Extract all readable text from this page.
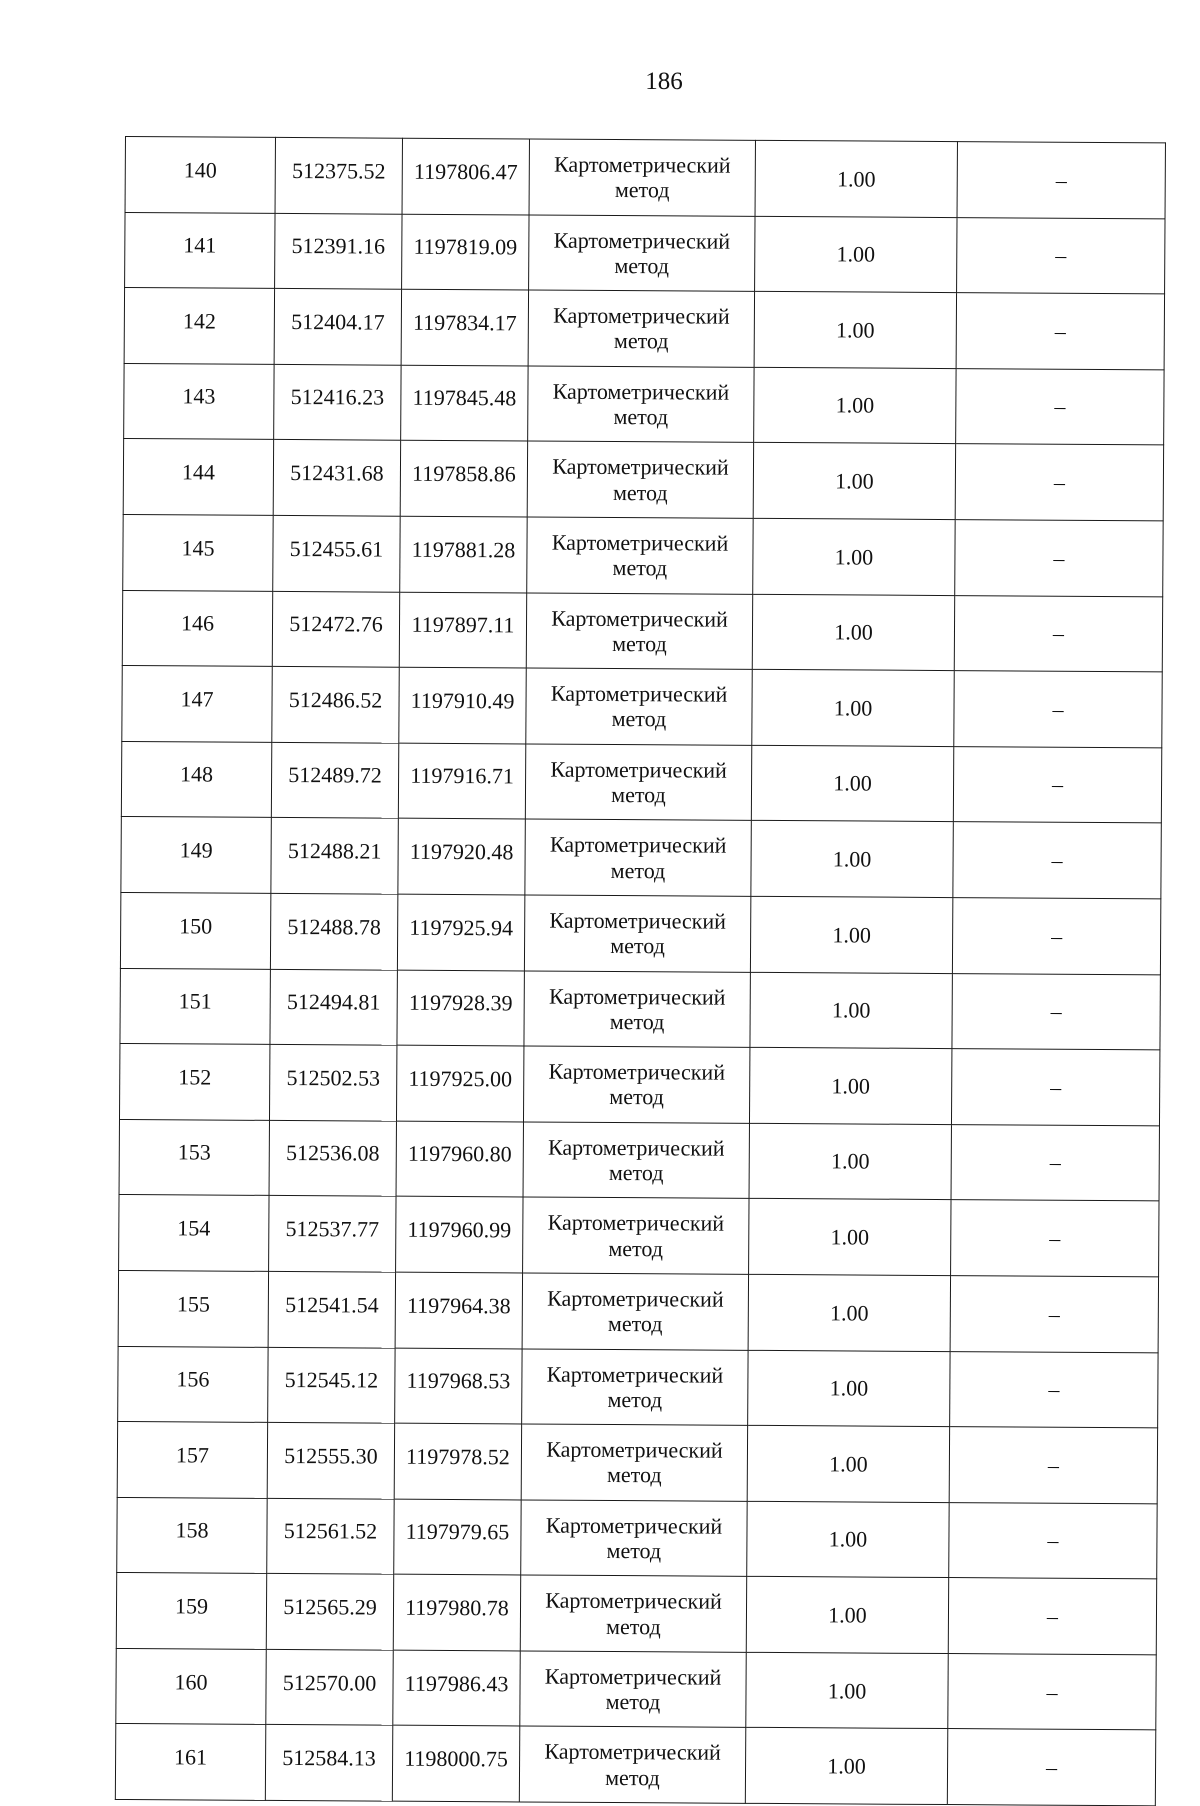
186
140	512375.52	1197806.47	Картометрический
метод	1.00	–
141	512391.16	1197819.09	Картометрический
метод	1.00	–
142	512404.17	1197834.17	Картометрический
метод	1.00	–
143	512416.23	1197845.48	Картометрический
метод	1.00	–
144	512431.68	1197858.86	Картометрический
метод	1.00	–
145	512455.61	1197881.28	Картометрический
метод	1.00	–
146	512472.76	1197897.11	Картометрический
метод	1.00	–
147	512486.52	1197910.49	Картометрический
метод	1.00	–
148	512489.72	1197916.71	Картометрический
метод	1.00	–
149	512488.21	1197920.48	Картометрический
метод	1.00	–
150	512488.78	1197925.94	Картометрический
метод	1.00	–
151	512494.81	1197928.39	Картометрический
метод	1.00	–
152	512502.53	1197925.00	Картометрический
метод	1.00	–
153	512536.08	1197960.80	Картометрический
метод	1.00	–
154	512537.77	1197960.99	Картометрический
метод	1.00	–
155	512541.54	1197964.38	Картометрический
метод	1.00	–
156	512545.12	1197968.53	Картометрический
метод	1.00	–
157	512555.30	1197978.52	Картометрический
метод	1.00	–
158	512561.52	1197979.65	Картометрический
метод	1.00	–
159	512565.29	1197980.78	Картометрический
метод	1.00	–
160	512570.00	1197986.43	Картометрический
метод	1.00	–
161	512584.13	1198000.75	Картометрический
метод	1.00	–
